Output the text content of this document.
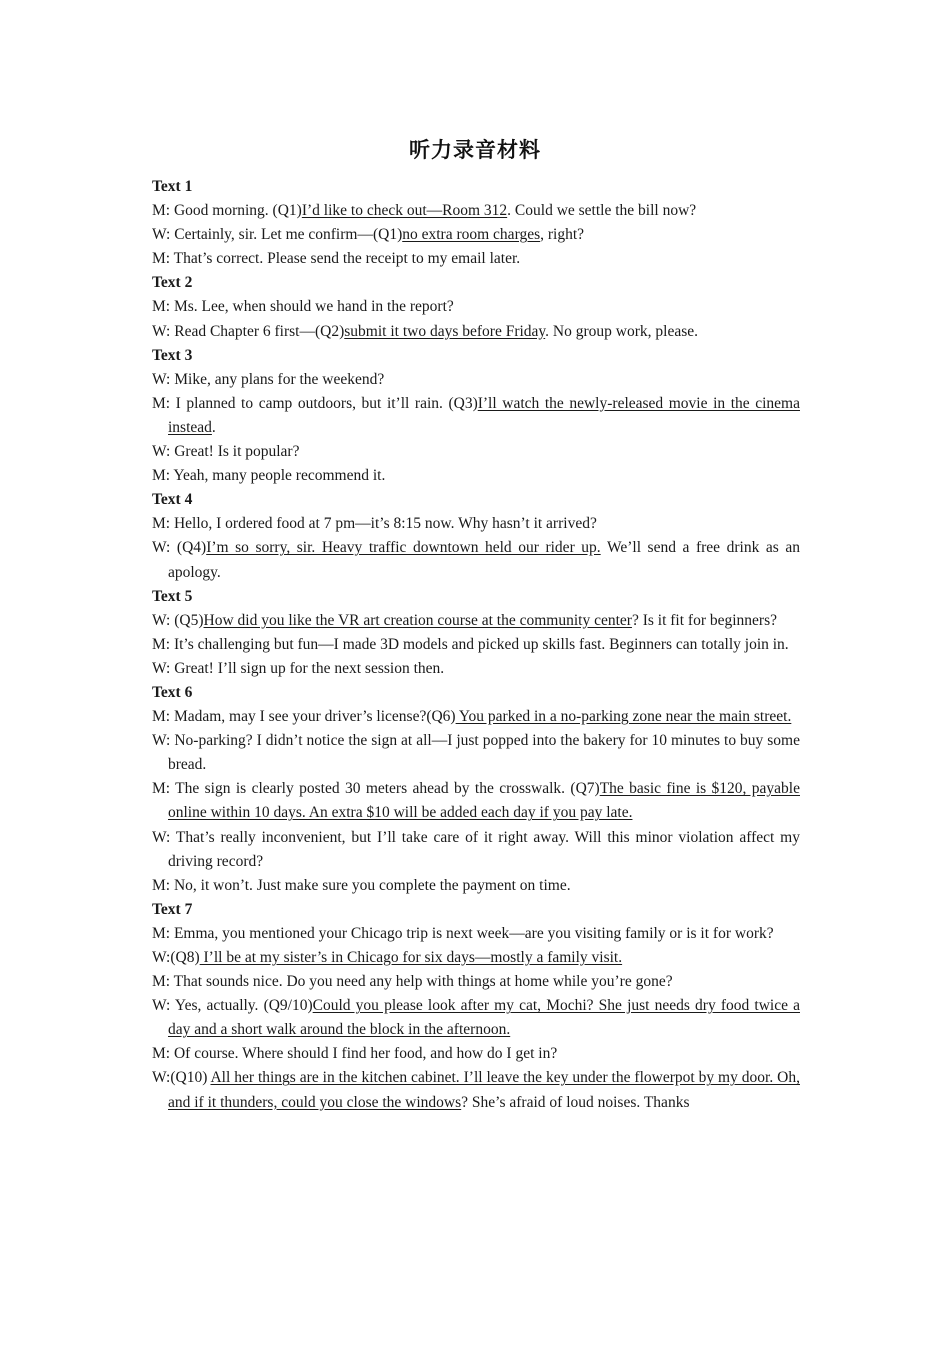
听力录音材料
Text 1
M: Good morning. (Q1)I’d like to check out—Room 312. Could we settle the bill now?
W: Certainly, sir. Let me confirm—(Q1)no extra room charges, right?
M: That’s correct. Please send the receipt to my email later.
Text 2
M: Ms. Lee, when should we hand in the report?
W: Read Chapter 6 first—(Q2)submit it two days before Friday. No group work, please.
Text 3
W: Mike, any plans for the weekend?
M: I planned to camp outdoors, but it’ll rain. (Q3)I’ll watch the newly-released movie in the cinema instead.
W: Great! Is it popular?
M: Yeah, many people recommend it.
Text 4
M: Hello, I ordered food at 7 pm—it’s 8:15 now. Why hasn’t it arrived?
W: (Q4)I’m so sorry, sir. Heavy traffic downtown held our rider up. We’ll send a free drink as an apology.
Text 5
W: (Q5)How did you like the VR art creation course at the community center? Is it fit for beginners?
M: It’s challenging but fun—I made 3D models and picked up skills fast. Beginners can totally join in.
W: Great! I’ll sign up for the next session then.
Text 6
M: Madam, may I see your driver’s license?(Q6) You parked in a no-parking zone near the main street.
W: No-parking? I didn’t notice the sign at all—I just popped into the bakery for 10 minutes to buy some bread.
M: The sign is clearly posted 30 meters ahead by the crosswalk. (Q7)The basic fine is $120, payable online within 10 days. An extra $10 will be added each day if you pay late.
W: That’s really inconvenient, but I’ll take care of it right away. Will this minor violation affect my driving record?
M: No, it won’t. Just make sure you complete the payment on time.
Text 7
M: Emma, you mentioned your Chicago trip is next week—are you visiting family or is it for work?
W:(Q8) I’ll be at my sister’s in Chicago for six days—mostly a family visit.
M: That sounds nice. Do you need any help with things at home while you’re gone?
W: Yes, actually. (Q9/10)Could you please look after my cat, Mochi? She just needs dry food twice a day and a short walk around the block in the afternoon.
M: Of course. Where should I find her food, and how do I get in?
W:(Q10) All her things are in the kitchen cabinet. I’ll leave the key under the flowerpot by my door. Oh, and if it thunders, could you close the windows? She’s afraid of loud noises. Thanks
